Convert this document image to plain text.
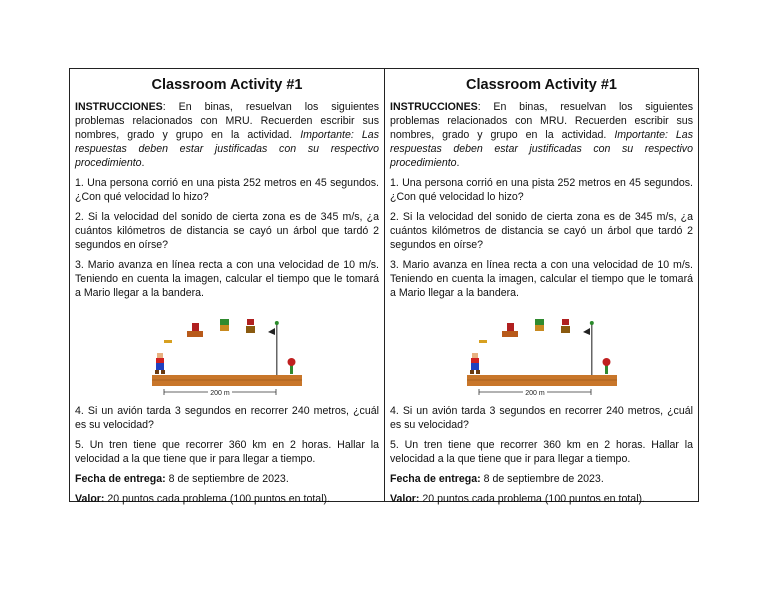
Classroom Activity #1

INSTRUCCIONES: En binas, resuelvan los siguientes problemas relacionados con MRU. Recuerden escribir sus nombres, grado y grupo en la actividad. Importante: Las respuestas deben estar justificadas con su respectivo procedimiento.

1. Una persona corrió en una pista 252 metros en 45 segundos. ¿Con qué velocidad lo hizo?

2. Si la velocidad del sonido de cierta zona es de 345 m/s, ¿a cuántos kilómetros de distancia se cayó un árbol que tardó 2 segundos en oírse?

3. Mario avanza en línea recta a con una velocidad de 10 m/s. Teniendo en cuenta la imagen, calcular el tiempo que le tomará a Mario llegar a la bandera.

200 m

4. Si un avión tarda 3 segundos en recorrer 240 metros, ¿cuál es su velocidad?

5. Un tren tiene que recorrer 360 km en 2 horas. Hallar la velocidad a la que tiene que ir para llegar a tiempo.

Fecha de entrega: 8 de septiembre de 2023.

Valor: 20 puntos cada problema (100 puntos en total).

Classroom Activity #1

INSTRUCCIONES: En binas, resuelvan los siguientes problemas relacionados con MRU. Recuerden escribir sus nombres, grado y grupo en la actividad. Importante: Las respuestas deben estar justificadas con su respectivo procedimiento.

1. Una persona corrió en una pista 252 metros en 45 segundos. ¿Con qué velocidad lo hizo?

2. Si la velocidad del sonido de cierta zona es de 345 m/s, ¿a cuántos kilómetros de distancia se cayó un árbol que tardó 2 segundos en oírse?

3. Mario avanza en línea recta a con una velocidad de 10 m/s. Teniendo en cuenta la imagen, calcular el tiempo que le tomará a Mario llegar a la bandera.

200 m

4. Si un avión tarda 3 segundos en recorrer 240 metros, ¿cuál es su velocidad?

5. Un tren tiene que recorrer 360 km en 2 horas. Hallar la velocidad a la que tiene que ir para llegar a tiempo.

Fecha de entrega: 8 de septiembre de 2023.

Valor: 20 puntos cada problema (100 puntos en total).
